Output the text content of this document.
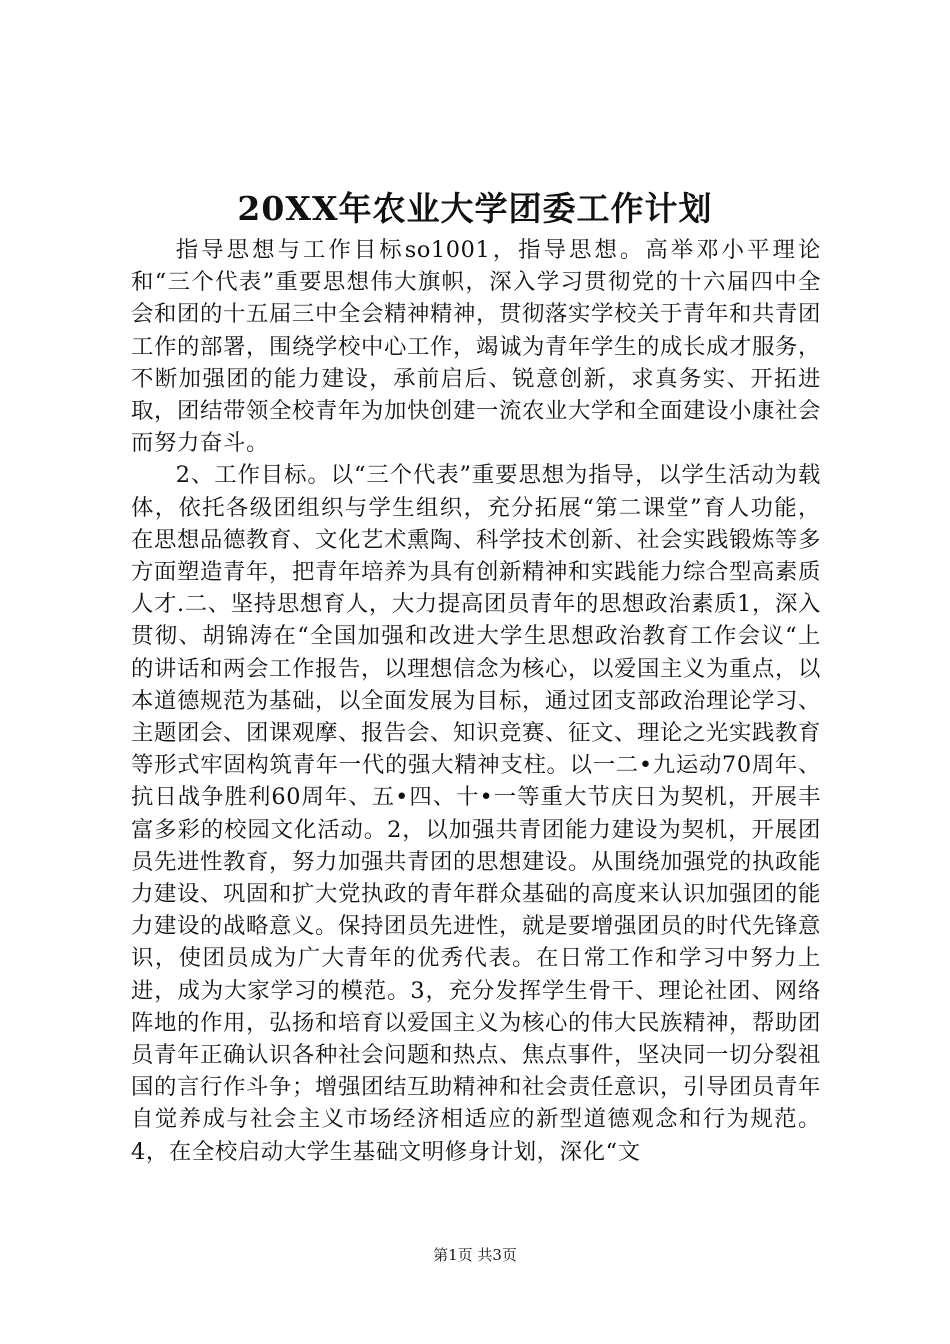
20XX年农业大学团委工作计划

指导思想与工作目标so1001，指导思想。高举邓小平理论和“三个代表”重要思想伟大旗帜，深入学习贯彻党的十六届四中全会和团的十五届三中全会精神精神，贯彻落实学校关于青年和共青团工作的部署，围绕学校中心工作，竭诚为青年学生的成长成才服务，不断加强团的能力建设，承前启后、锐意创新，求真务实、开拓进取，团结带领全校青年为加快创建一流农业大学和全面建设小康社会而努力奋斗。

2、工作目标。以“三个代表”重要思想为指导，以学生活动为载体，依托各级团组织与学生组织，充分拓展“第二课堂”育人功能，在思想品德教育、文化艺术熏陶、科学技术创新、社会实践锻炼等多方面塑造青年，把青年培养为具有创新精神和实践能力综合型高素质人才.二、坚持思想育人，大力提高团员青年的思想政治素质1，深入贯彻、胡锦涛在“全国加强和改进大学生思想政治教育工作会议“上的讲话和两会工作报告，以理想信念为核心，以爱国主义为重点，以本道德规范为基础，以全面发展为目标，通过团支部政治理论学习、主题团会、团课观摩、报告会、知识竞赛、征文、理论之光实践教育等形式牢固构筑青年一代的强大精神支柱。以一二•九运动70周年、抗日战争胜利60周年、五•四、十•一等重大节庆日为契机，开展丰富多彩的校园文化活动。2，以加强共青团能力建设为契机，开展团员先进性教育，努力加强共青团的思想建设。从围绕加强党的执政能力建设、巩固和扩大党执政的青年群众基础的高度来认识加强团的能力建设的战略意义。保持团员先进性，就是要增强团员的时代先锋意识，使团员成为广大青年的优秀代表。在日常工作和学习中努力上进，成为大家学习的模范。3，充分发挥学生骨干、理论社团、网络阵地的作用，弘扬和培育以爱国主义为核心的伟大民族精神，帮助团员青年正确认识各种社会问题和热点、焦点事件，坚决同一切分裂祖国的言行作斗争；增强团结互助精神和社会责任意识，引导团员青年自觉养成与社会主义市场经济相适应的新型道德观念和行为规范。4，在全校启动大学生基础文明修身计划，深化“文

第1页 共3页
